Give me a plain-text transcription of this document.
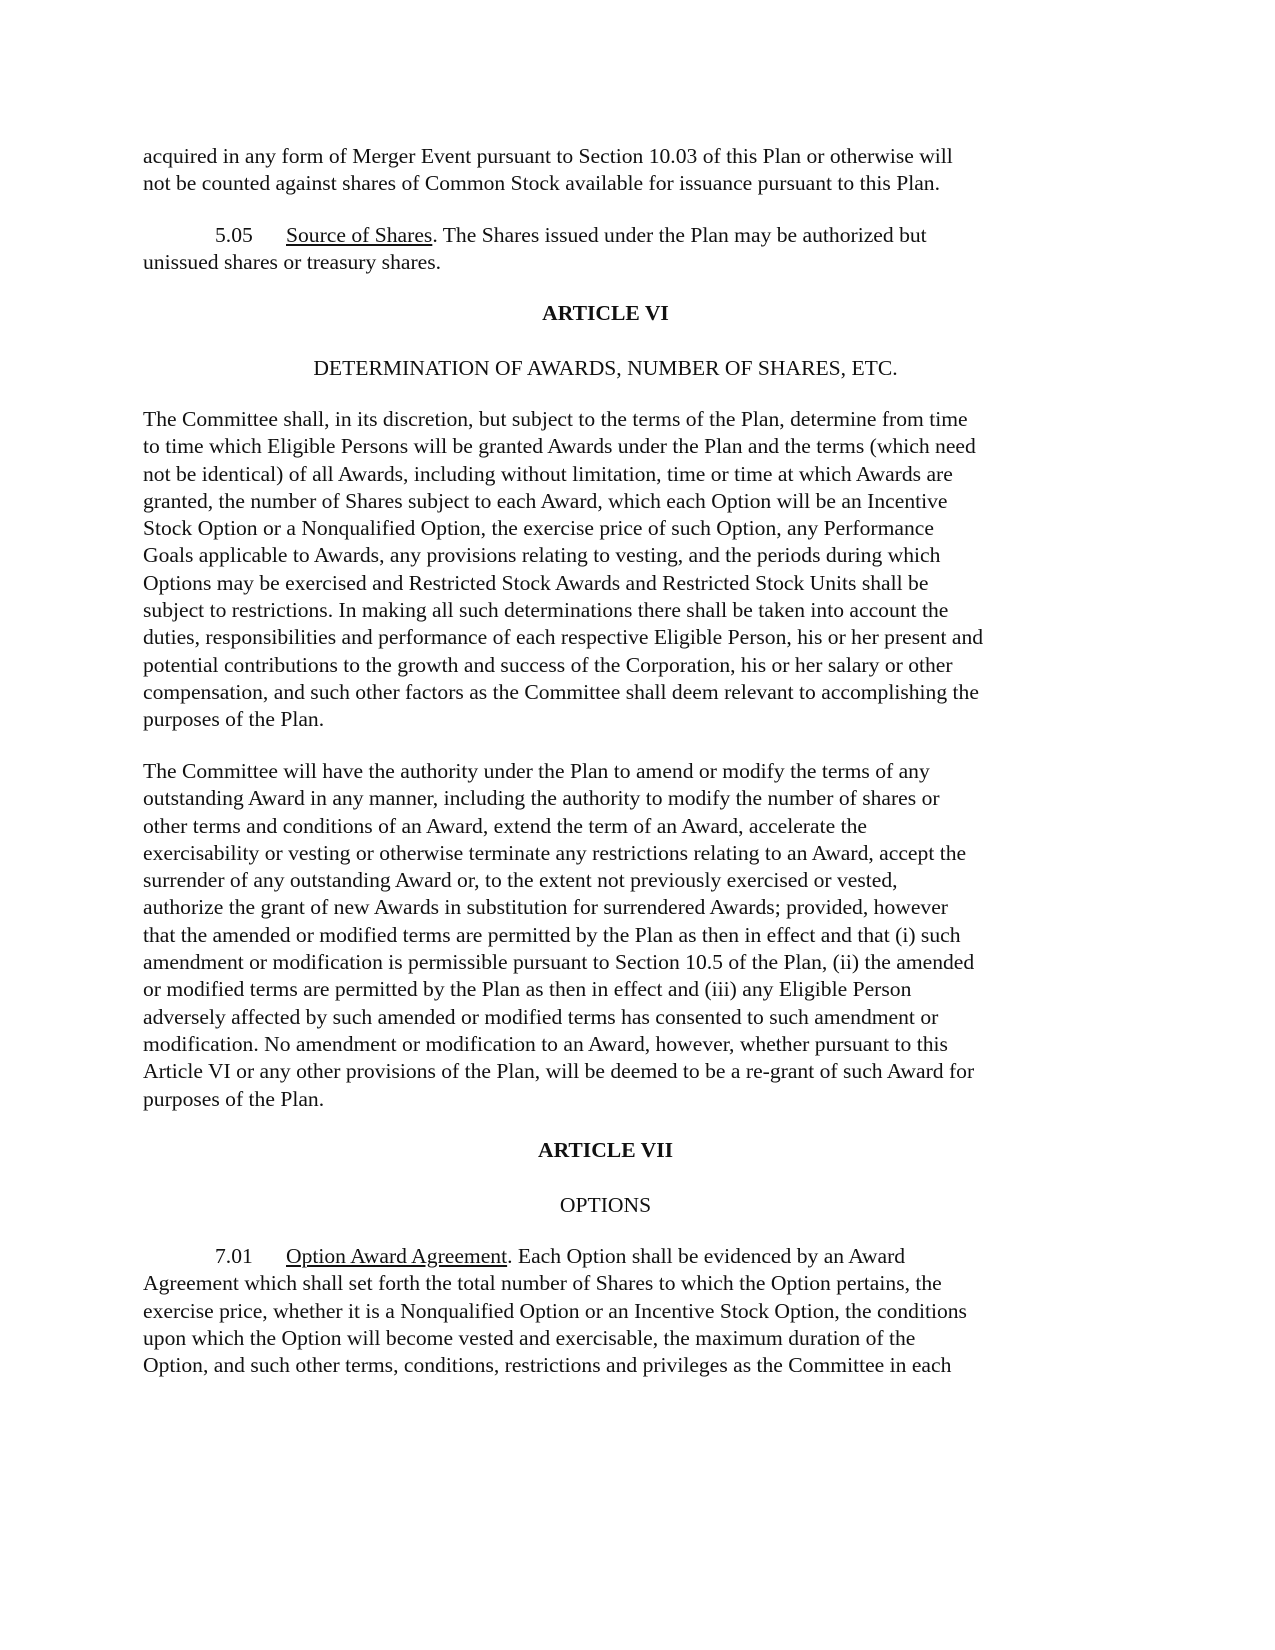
acquired in any form of Merger Event pursuant to Section 10.03 of this Plan or otherwise will
not be counted against shares of Common Stock available for issuance pursuant to this Plan.
5.05 Source of Shares. The Shares issued under the Plan may be authorized but
unissued shares or treasury shares.
ARTICLE VI
DETERMINATION OF AWARDS, NUMBER OF SHARES, ETC.
The Committee shall, in its discretion, but subject to the terms of the Plan, determine from time
to time which Eligible Persons will be granted Awards under the Plan and the terms (which need
not be identical) of all Awards, including without limitation, time or time at which Awards are
granted, the number of Shares subject to each Award, which each Option will be an Incentive
Stock Option or a Nonqualified Option, the exercise price of such Option, any Performance
Goals applicable to Awards, any provisions relating to vesting, and the periods during which
Options may be exercised and Restricted Stock Awards and Restricted Stock Units shall be
subject to restrictions. In making all such determinations there shall be taken into account the
duties, responsibilities and performance of each respective Eligible Person, his or her present and
potential contributions to the growth and success of the Corporation, his or her salary or other
compensation, and such other factors as the Committee shall deem relevant to accomplishing the
purposes of the Plan.
The Committee will have the authority under the Plan to amend or modify the terms of any
outstanding Award in any manner, including the authority to modify the number of shares or
other terms and conditions of an Award, extend the term of an Award, accelerate the
exercisability or vesting or otherwise terminate any restrictions relating to an Award, accept the
surrender of any outstanding Award or, to the extent not previously exercised or vested,
authorize the grant of new Awards in substitution for surrendered Awards; provided, however
that the amended or modified terms are permitted by the Plan as then in effect and that (i) such
amendment or modification is permissible pursuant to Section 10.5 of the Plan, (ii) the amended
or modified terms are permitted by the Plan as then in effect and (iii) any Eligible Person
adversely affected by such amended or modified terms has consented to such amendment or
modification. No amendment or modification to an Award, however, whether pursuant to this
Article VI or any other provisions of the Plan, will be deemed to be a re-grant of such Award for
purposes of the Plan.
ARTICLE VII
OPTIONS
7.01 Option Award Agreement. Each Option shall be evidenced by an Award
Agreement which shall set forth the total number of Shares to which the Option pertains, the
exercise price, whether it is a Nonqualified Option or an Incentive Stock Option, the conditions
upon which the Option will become vested and exercisable, the maximum duration of the
Option, and such other terms, conditions, restrictions and privileges as the Committee in each
